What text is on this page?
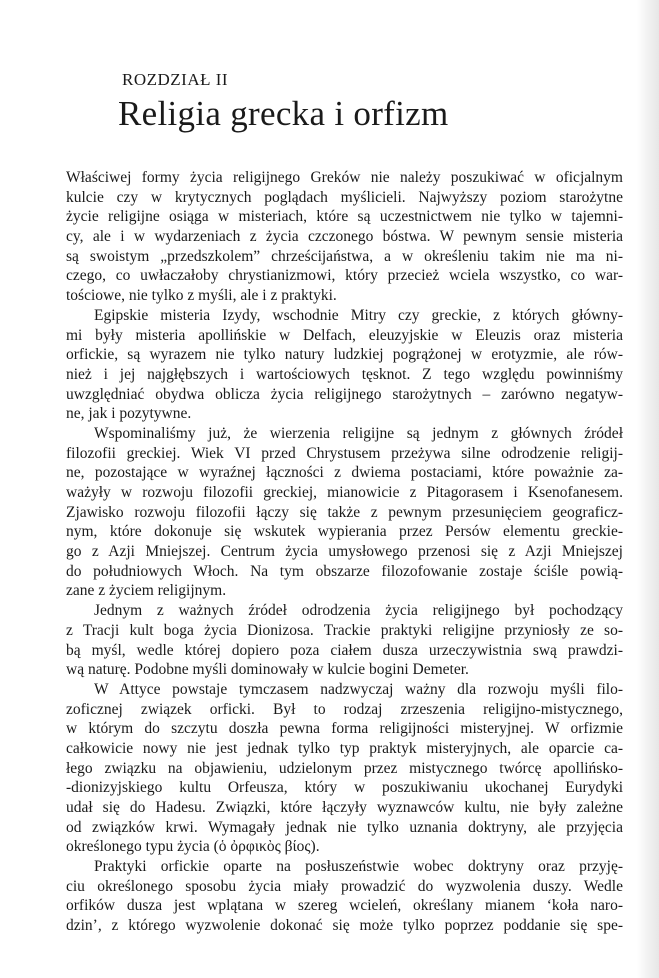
ROZDZIAŁ II
Religia grecka i orfizm
Właściwej formy życia religijnego Greków nie należy poszukiwać w oficjalnym
kulcie czy w krytycznych poglądach myślicieli. Najwyższy poziom starożytne
życie religijne osiąga w misteriach, które są uczestnictwem nie tylko w tajemni-
cy, ale i w wydarzeniach z życia czczonego bóstwa. W pewnym sensie misteria
są swoistym „przedszkolem” chrześcijaństwa, a w określeniu takim nie ma ni-
czego, co uwłaczałoby chrystianizmowi, który przecież wciela wszystko, co war-
tościowe, nie tylko z myśli, ale i z praktyki.
Egipskie misteria Izydy, wschodnie Mitry czy greckie, z których główny-
mi były misteria apollińskie w Delfach, eleuzyjskie w Eleuzis oraz misteria
orfickie, są wyrazem nie tylko natury ludzkiej pogrążonej w erotyzmie, ale rów-
nież i jej najgłębszych i wartościowych tęsknot. Z tego względu powinniśmy
uwzględniać obydwa oblicza życia religijnego starożytnych – zarówno negatyw-
ne, jak i pozytywne.
Wspominaliśmy już, że wierzenia religijne są jednym z głównych źródeł
filozofii greckiej. Wiek VI przed Chrystusem przeżywa silne odrodzenie religij-
ne, pozostające w wyraźnej łączności z dwiema postaciami, które poważnie za-
ważyły w rozwoju filozofii greckiej, mianowicie z Pitagorasem i Ksenofanesem.
Zjawisko rozwoju filozofii łączy się także z pewnym przesunięciem geograficz-
nym, które dokonuje się wskutek wypierania przez Persów elementu greckie-
go z Azji Mniejszej. Centrum życia umysłowego przenosi się z Azji Mniejszej
do południowych Włoch. Na tym obszarze filozofowanie zostaje ściśle powią-
zane z życiem religijnym.
Jednym z ważnych źródeł odrodzenia życia religijnego był pochodzący
z Tracji kult boga życia Dionizosa. Trackie praktyki religijne przyniosły ze so-
bą myśl, wedle której dopiero poza ciałem dusza urzeczywistnia swą prawdzi-
wą naturę. Podobne myśli dominowały w kulcie bogini Demeter.
W Attyce powstaje tymczasem nadzwyczaj ważny dla rozwoju myśli filo-
zoficznej związek orficki. Był to rodzaj zrzeszenia religijno-mistycznego,
w którym do szczytu doszła pewna forma religijności misteryjnej. W orfizmie
całkowicie nowy nie jest jednak tylko typ praktyk misteryjnych, ale oparcie ca-
łego związku na objawieniu, udzielonym przez mistycznego twórcę apollińsko-
-dionizyjskiego kultu Orfeusza, który w poszukiwaniu ukochanej Eurydyki
udał się do Hadesu. Związki, które łączyły wyznawców kultu, nie były zależne
od związków krwi. Wymagały jednak nie tylko uznania doktryny, ale przyjęcia
określonego typu życia (ὁ ὀρφικὸς βίος).
Praktyki orfickie oparte na posłuszeństwie wobec doktryny oraz przyję-
ciu określonego sposobu życia miały prowadzić do wyzwolenia duszy. Wedle
orfików dusza jest wplątana w szereg wcieleń, określany mianem ‘koła naro-
dzin’, z którego wyzwolenie dokonać się może tylko poprzez poddanie się spe-
